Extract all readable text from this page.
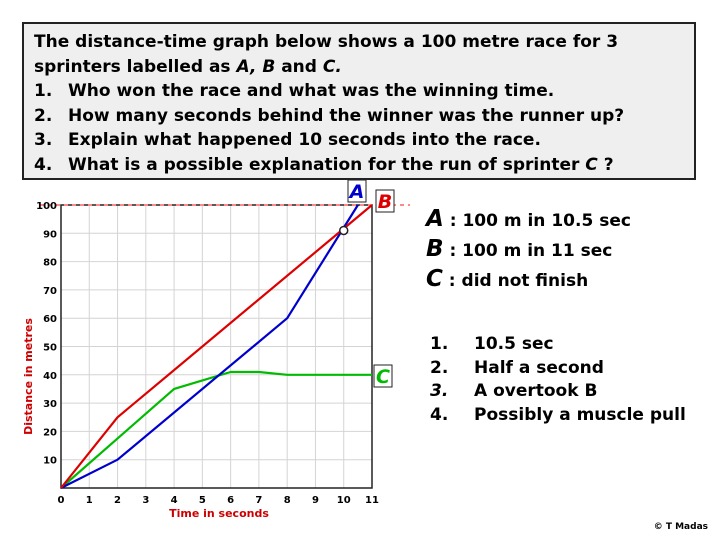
The distance-time graph below shows a 100 metre race for 3
sprinters labelled as A, B and C.
1. Who won the race and what was the winning time.
2. How many seconds behind the winner was the runner up?
3. Explain what happened 10 seconds into the race.
4. What is a possible explanation for the run of sprinter C ?
10
20
30
40
50
60
70
80
90
100
0 1 2 3 4 5 6 7 8 9 10 11
Time in seconds
Distance in metres
A B
C
A : 100 m in 10.5 sec
B : 100 m in 11 sec
C : did not finish
1. 10.5 sec
2. Half a second
3. A overtook B
4. Possibly a muscle pull
© T Madas
